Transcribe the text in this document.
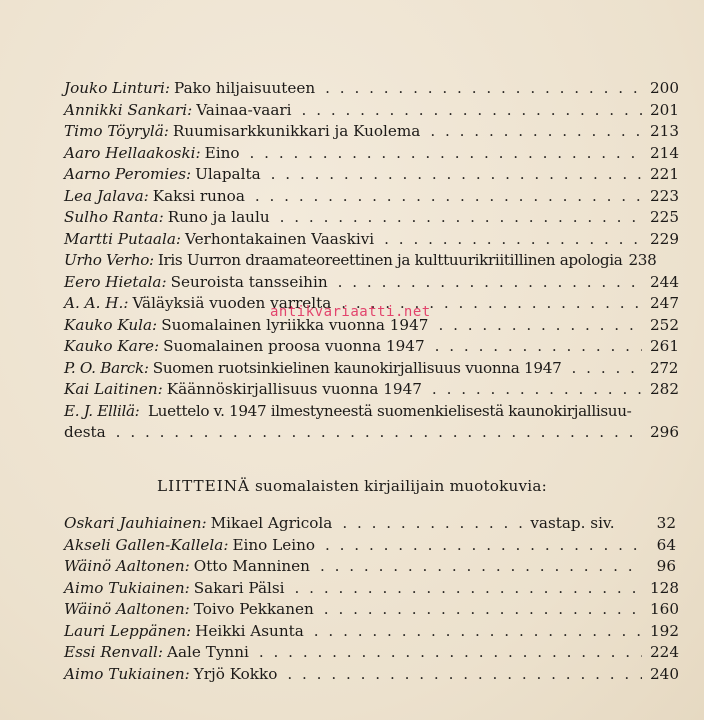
Jouko Linturi: Pako hiljaisuuteen . . .	200
Annikki Sankari: Vainaa-vaari . . .	201
Timo Töyrylä: Ruumisarkkunikkari ja Kuolema . . .	213
Aaro Hellaakoski: Eino . . .	214
Aarno Peromies: Ulapalta . . .	221
Lea Jalava: Kaksi runoa . . .	223
Sulho Ranta: Runo ja laulu . . .	225
Martti Putaala: Verhontakainen Vaaskivi . . .	229
Urho Verho: Iris Uurron draamateoreettinen ja kulttuurikriitillinen apologia 238
Eero Hietala: Seuroista tansseihin . . .	244
A. A. H.: Väläyksiä vuoden varrelta . . .	247
Kauko Kula: Suomalainen lyriikka vuonna 1947 . . .	252
Kauko Kare: Suomalainen proosa vuonna 1947 . . .	261
P. O. Barck: Suomen ruotsinkielinen kaunokirjallisuus vuonna 1947 . . .	272
Kai Laitinen: Käännöskirjallisuus vuonna 1947 . . .	282
E. J. Ellilä: Luettelo v. 1947 ilmestyneestä suomenkielisestä kaunokirjallisuu-
desta . . .	296
LIITTEINÄ suomalaisten kirjailijain muotokuvia:
Oskari Jauhiainen: Mikael Agricola . . .	vastap. siv.	32
Akseli Gallen-Kallela: Eino Leino . . .	64
Wäinö Aaltonen: Otto Manninen . . .	96
Aimo Tukiainen: Sakari Pälsi . . .	128
Wäinö Aaltonen: Toivo Pekkanen . . .	160
Lauri Leppänen: Heikki Asunta . . .	192
Essi Renvall: Aale Tynni . . .	224
Aimo Tukiainen: Yrjö Kokko . . .	240
antikvariaatti.net
